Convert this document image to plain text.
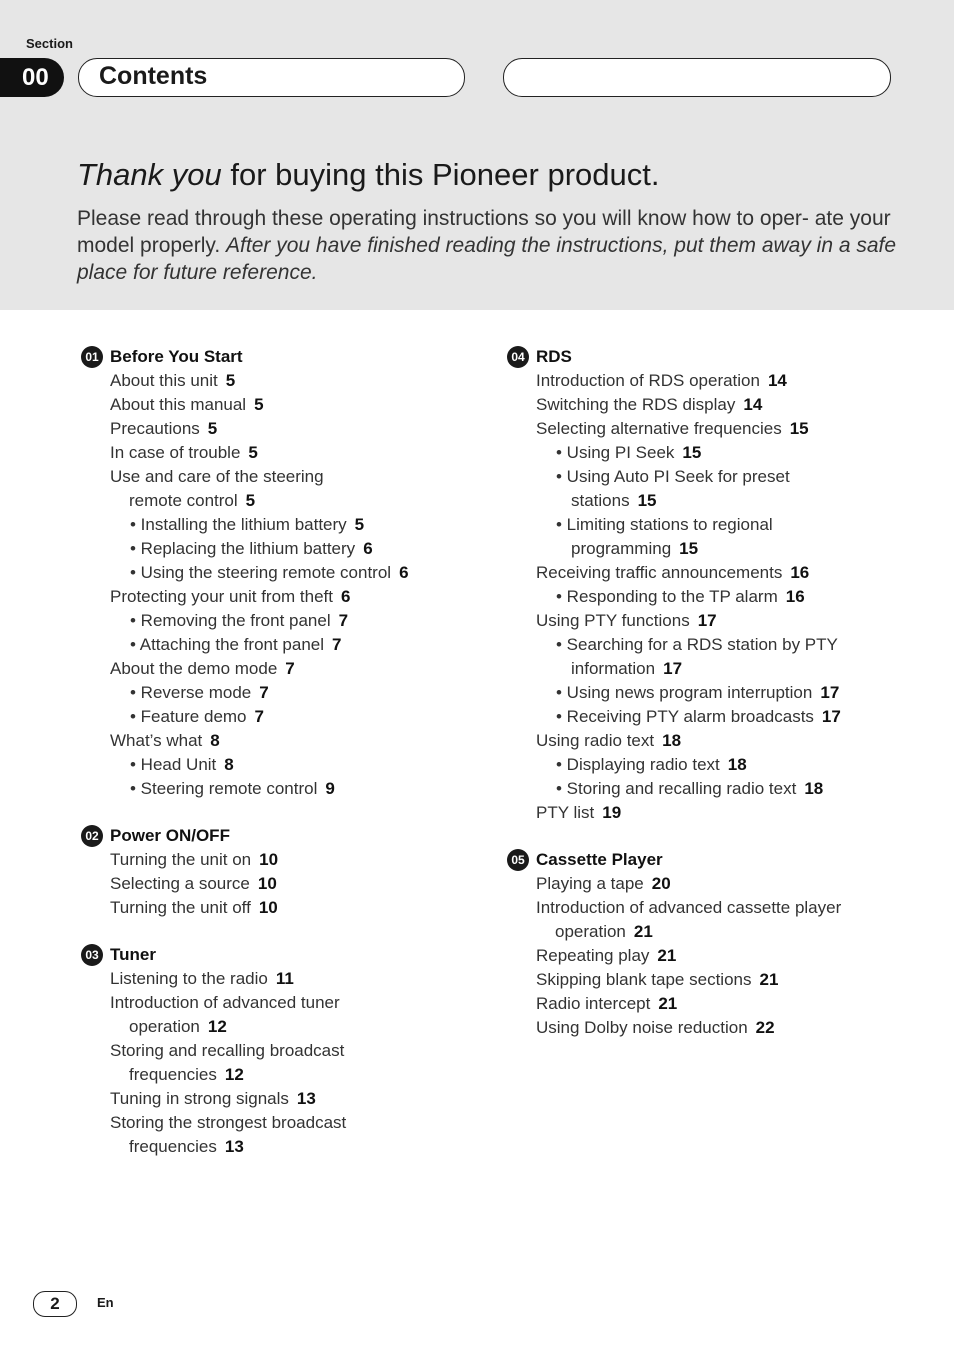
Section
00	Contents
Thank you for buying this Pioneer product.
Please read through these operating instructions so you will know how to oper- ate your model properly. After you have finished reading the instructions, put them away in a safe place for future reference.
01 Before You Start
About this unit 5
About this manual 5
Precautions 5
In case of trouble 5
Use and care of the steering
remote control 5
• Installing the lithium battery 5
• Replacing the lithium battery 6
• Using the steering remote control 6
Protecting your unit from theft 6
• Removing the front panel 7
• Attaching the front panel 7
About the demo mode 7
• Reverse mode 7
• Feature demo 7
What’s what 8
• Head Unit 8
• Steering remote control 9
02 Power ON/OFF
Turning the unit on 10
Selecting a source 10
Turning the unit off 10
03 Tuner
Listening to the radio 11
Introduction of advanced tuner
operation 12
Storing and recalling broadcast
frequencies 12
Tuning in strong signals 13
Storing the strongest broadcast
frequencies 13
04 RDS
Introduction of RDS operation 14
Switching the RDS display 14
Selecting alternative frequencies 15
• Using PI Seek 15
• Using Auto PI Seek for preset
stations 15
• Limiting stations to regional
programming 15
Receiving traffic announcements 16
• Responding to the TP alarm 16
Using PTY functions 17
• Searching for a RDS station by PTY
information 17
• Using news program interruption 17
• Receiving PTY alarm broadcasts 17
Using radio text 18
• Displaying radio text 18
• Storing and recalling radio text 18
PTY list 19
05 Cassette Player
Playing a tape 20
Introduction of advanced cassette player
operation 21
Repeating play 21
Skipping blank tape sections 21
Radio intercept 21
Using Dolby noise reduction 22
2	En
